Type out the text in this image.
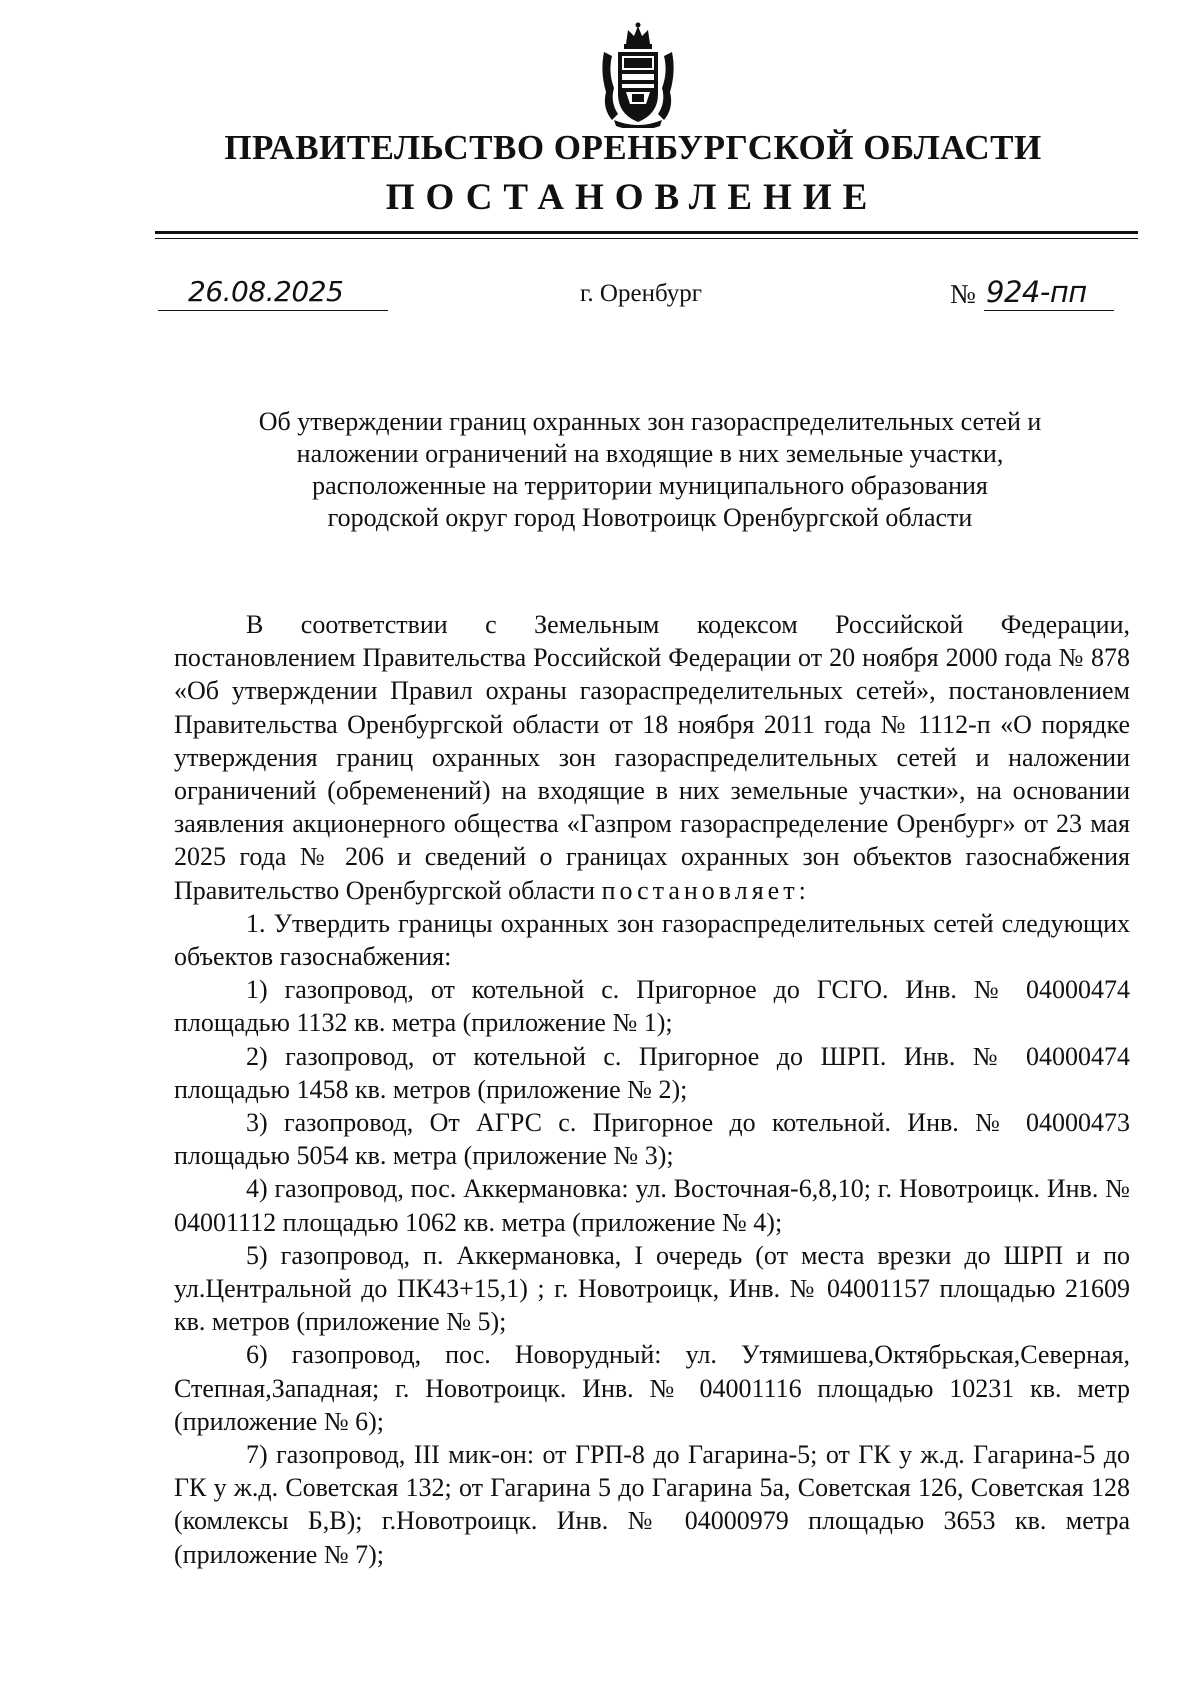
ПРАВИТЕЛЬСТВО ОРЕНБУРГСКОЙ ОБЛАСТИ
ПОСТАНОВЛЕНИЕ
26.08.2025	г. Оренбург	№ 924-пп
Об утверждении границ охранных зон газораспределительных сетей и
наложении ограничений на входящие в них земельные участки,
расположенные на территории муниципального образования
городской округ город Новотроицк Оренбургской области

В соответствии с Земельным кодексом Российской Федерации, постановлением Правительства Российской Федерации от 20 ноября 2000 года № 878 «Об утверждении Правил охраны газораспределительных сетей», постановлением Правительства Оренбургской области от 18 ноября 2011 года № 1112-п «О порядке утверждения границ охранных зон газораспределительных сетей и наложении ограничений (обременений) на входящие в них земельные участки», на основании заявления акционерного общества «Газпром газораспределение Оренбург» от 23 мая 2025 года № 206 и сведений о границах охранных зон объектов газоснабжения Правительство Оренбургской области постановляет:

1. Утвердить границы охранных зон газораспределительных сетей следующих объектов газоснабжения:

1) газопровод, от котельной с. Пригорное до ГСГО. Инв. № 04000474 площадью 1132 кв. метра (приложение № 1);

2) газопровод, от котельной с. Пригорное до ШРП. Инв. № 04000474 площадью 1458 кв. метров (приложение № 2);

3) газопровод, От АГРС с. Пригорное до котельной. Инв. № 04000473 площадью 5054 кв. метра (приложение № 3);

4) газопровод, пос. Аккермановка: ул. Восточная-6,8,10; г. Новотроицк. Инв. № 04001112 площадью 1062 кв. метра (приложение № 4);

5) газопровод, п. Аккермановка, I очередь (от места врезки до ШРП и по ул.Центральной до ПК43+15,1) ; г. Новотроицк, Инв. № 04001157 площадью 21609 кв. метров (приложение № 5);

6) газопровод, пос. Новорудный: ул. Утямишева,Октябрьская,Северная, Степная,Западная; г. Новотроицк. Инв. № 04001116 площадью 10231 кв. метр (приложение № 6);

7) газопровод, III мик-он: от ГРП-8 до Гагарина-5; от ГК у ж.д. Гагарина-5 до ГК у ж.д. Советская 132; от Гагарина 5 до Гагарина 5а, Советская 126, Советская 128 (комлексы Б,В); г.Новотроицк. Инв. № 04000979 площадью 3653 кв. метра (приложение № 7);
